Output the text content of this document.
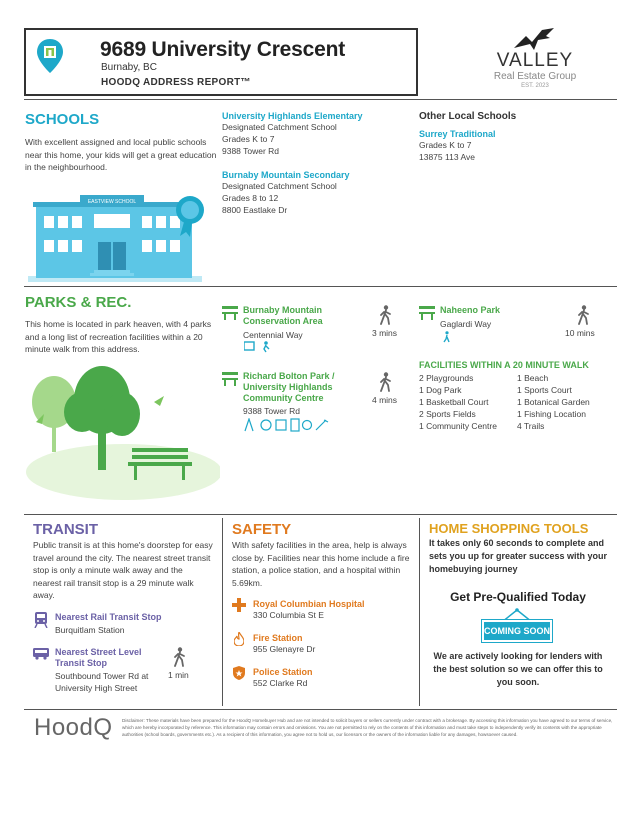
9689 University Crescent
Burnaby, BC
HOODQ ADDRESS REPORT™
VALLEY
Real Estate Group
EST. 2023
SCHOOLS
With excellent assigned and local public schools near this home, your kids will get a great education in the neighbourhood.
EASTVIEW SCHOOL
University Highlands Elementary
Designated Catchment School
Grades K to 7
9388 Tower Rd
Burnaby Mountain Secondary
Designated Catchment School
Grades 8 to 12
8800 Eastlake Dr
Other Local Schools
Surrey Traditional
Grades K to 7
13875 113 Ave
PARKS & REC.
This home is located in park heaven, with 4 parks and a long list of recreation facilities within a 20 minute walk from this address.
Burnaby Mountain Conservation Area
Centennial Way	3 mins
Naheeno Park
Gaglardi Way
10 mins
Richard Bolton Park / University Highlands Community Centre
9388 Tower Rd
4 mins
FACILITIES WITHIN A 20 MINUTE WALK
2 Playgrounds
1 Dog Park
1 Basketball Court
2 Sports Fields
1 Community Centre
1 Beach
1 Sports Court
1 Botanical Garden
1 Fishing Location
4 Trails
TRANSIT
Public transit is at this home's doorstep for easy travel around the city. The nearest street transit stop is only a minute walk away and the nearest rail transit stop is a 29 minute walk away.
Nearest Rail Transit Stop
Burquitlam Station
Nearest Street Level Transit Stop
Southbound Tower Rd at University High Street
1 min
SAFETY
With safety facilities in the area, help is always close by. Facilities near this home include a fire station, a police station, and a hospital within 5.69km.
Royal Columbian Hospital
330 Columbia St E
Fire Station
955 Glenayre Dr
Police Station
552 Clarke Rd
HOME SHOPPING TOOLS
It takes only 60 seconds to complete and sets you up for greater success with your homebuying journey
Get Pre-Qualified Today
COMING SOON
We are actively looking for lenders with the best solution so we can offer this to you soon.
HoodQ Disclaimer: These materials have been prepared for the HoodQ Homebuyer Hub and are not intended to solicit buyers or sellers currently under contract with a brokerage. By accessing this information you have agreed to our terms of service, which are hereby incorporated by reference. This information may contain errors and omissions. You are not permitted to rely on the contents of this information and must take steps to independently verify its contents with the appropriate authorities (school boards, governments etc.). As a recipient of this information, you agree not to hold us, our licensors or the owners of the information liable for any damages, howsoever caused.
